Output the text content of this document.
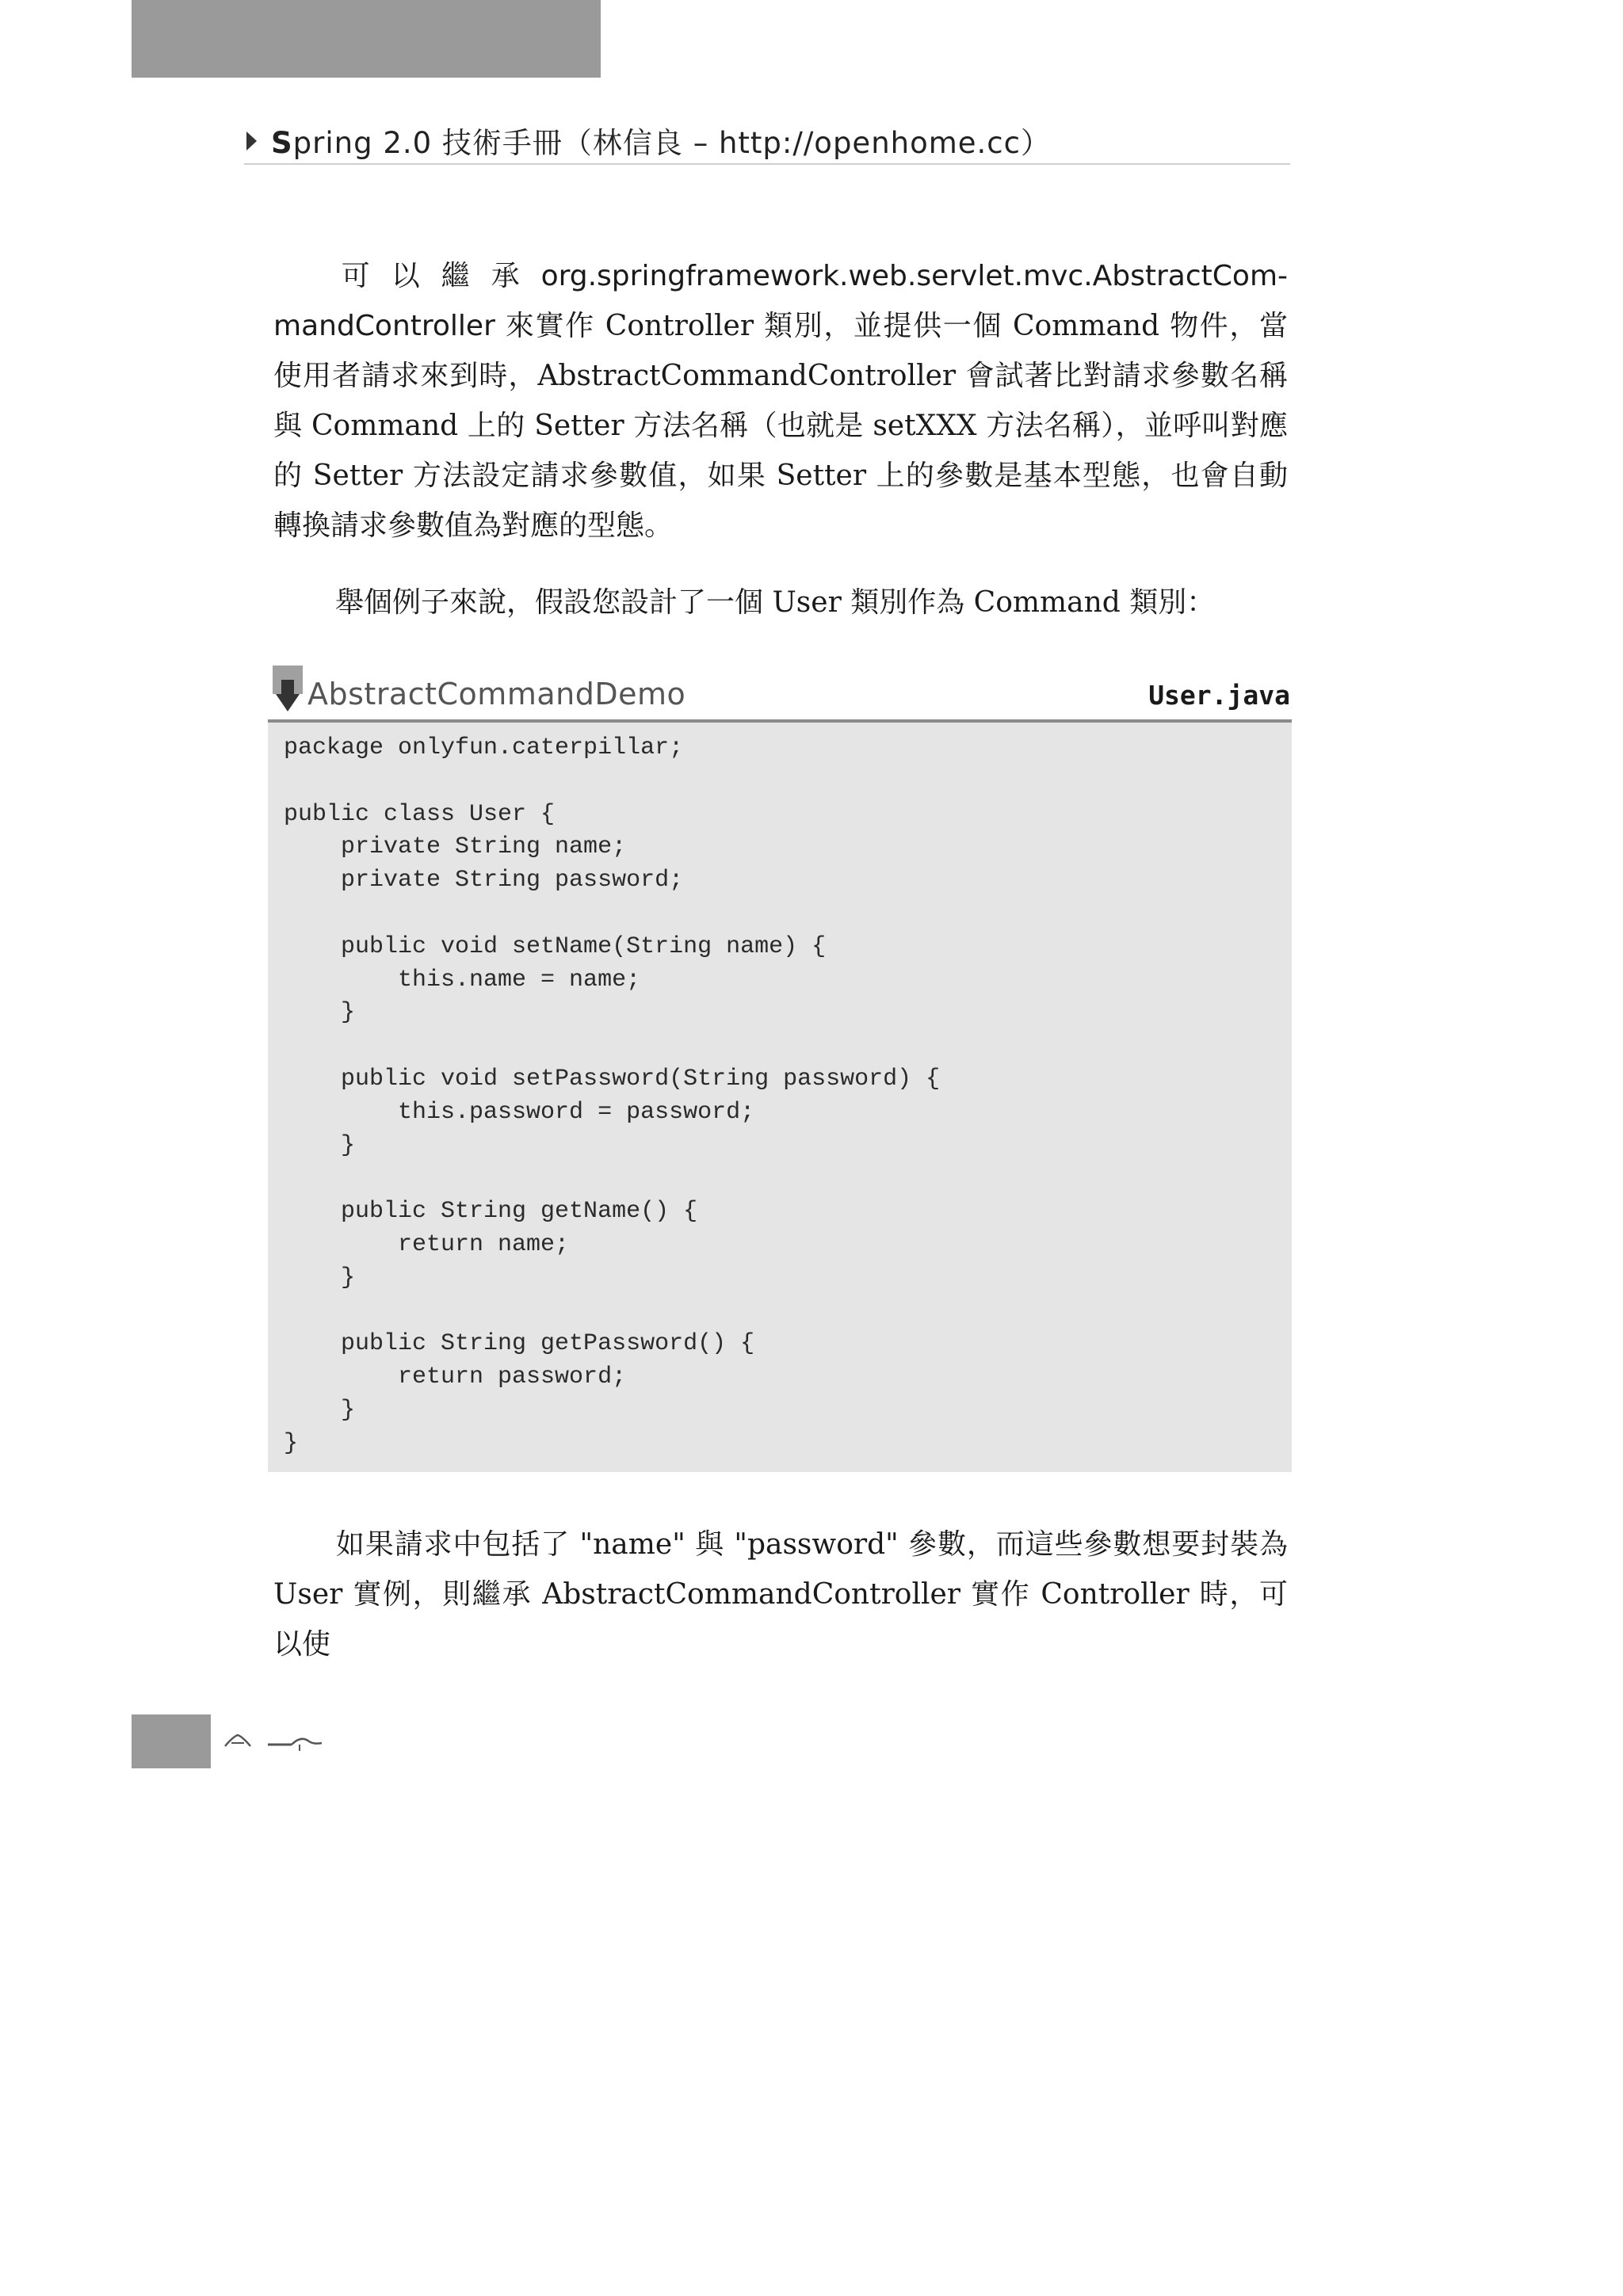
Spring 2.0 技術手冊（林信良 – http://openhome.cc）

可 以 繼 承 org.springframework.web.servlet.mvc.AbstractCom-mandController 來實作 Controller 類別，並提供一個 Command 物件，當使用者請求來到時，AbstractCommandController 會試著比對請求參數名稱與 Command 上的 Setter 方法名稱（也就是 setXXX 方法名稱），並呼叫對應的 Setter 方法設定請求參數值，如果 Setter 上的參數是基本型態，也會自動轉換請求參數值為對應的型態。

舉個例子來說，假設您設計了一個 User 類別作為 Command 類別：

AbstractCommandDemo	User.java
package onlyfun.caterpillar;

public class User {
private String name;
private String password;

public void setName(String name) {
this.name = name;
}

public void setPassword(String password) {
this.password = password;
}

public String getName() {
return name;
}

public String getPassword() {
return password;
}
}

如果請求中包括了 "name" 與 "password" 參數，而這些參數想要封裝為 User 實例，則繼承 AbstractCommandController 實作 Controller 時，可以使
